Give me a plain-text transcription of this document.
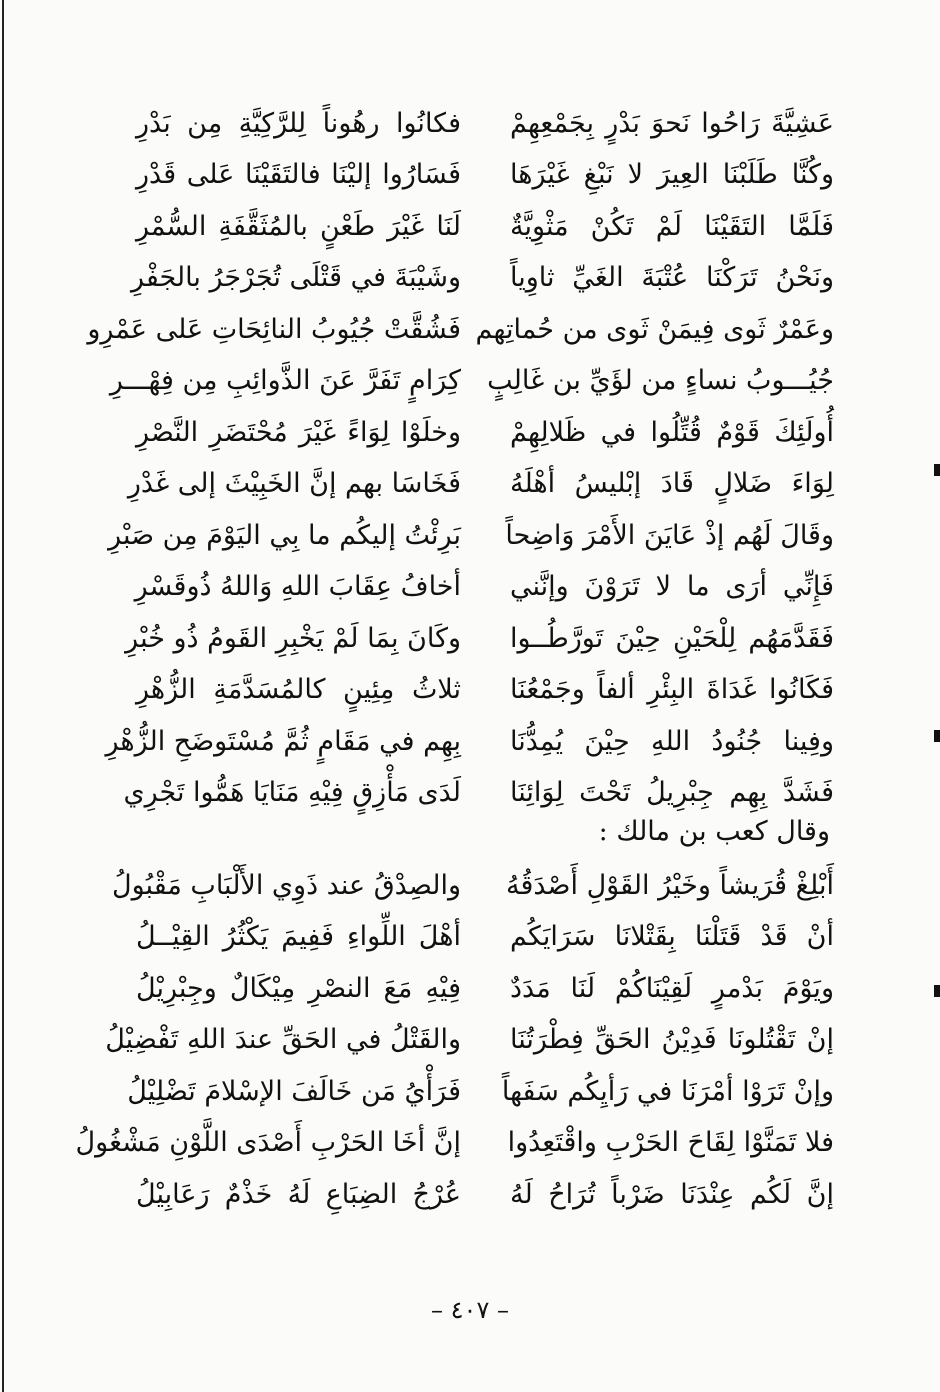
عَشِيَّةَ رَاحُوا نَحوَ بَدْرٍ بِجَمْعِهِمْ
فكانُوا رهُوناً لِلرَّكِيَّةِ مِن بَدْرِ
وكُنَّا طَلَبْنَا العِيرَ لا نَبْغِ غَيْرَهَا
فَسَارُوا إليْنَا فالتَقَيْنَا عَلى قَدْرِ
فَلَمَّا التَقَيْنَا لَمْ تَكُنْ مَثْوِيَّةٌ
لَنَا غَيْرَ طَعْنٍ بالمُثَقَّفَةِ السُّمْرِ
ونَحْنُ تَرَكْنَا عُتْبَةَ الغَيِّ ثاوِياً
وشَيْبَةَ في قَتْلَى تُجَرْجَرُ بالجَفْرِ
وعَمْرٌ ثَوى فِيمَنْ ثَوى من حُماتِهم
فَشُقَّتْ جُيُوبُ النائِحَاتِ عَلى عَمْرِو
جُيُـــوبُ نساءٍ من لؤَيِّ بن غَالِبٍ
كِرَامٍ تَفَرَّ عَنَ الذَّوائِبِ مِن فِهْـــرِ
أُولَئِكَ قَوْمٌ قُتِّلُوا في ظَلالِهِمْ
وخلَوْا لِوَاءً غَيْرَ مُحْتَضَرِ النَّصْرِ
لِوَاءَ ضَلالٍ قَادَ إبْليسُ أهْلَهُ
فَخَاسَا بهم إنَّ الخَبِيْثَ إلى غَدْرِ
وقَالَ لَهُم إذْ عَايَنَ الأَمْرَ وَاضِحاً
بَرِئْتُ إليكُم ما بِي اليَوْمَ مِن صَبْرِ
فَإِنِّي أرَى ما لا تَرَوْنَ وإنَّني
أخافُ عِقَابَ اللهِ وَاللهُ ذُوقَسْرِ
فَقَدَّمَهُم لِلْحَيْنِ حِيْنَ تَورَّطُــوا
وكَانَ بِمَا لَمْ يَخْبِرِ القَومُ ذُو خُبْرِ
فَكَانُوا غَدَاةَ البِئْرِ ألفاً وجَمْعُنَا
ثلاثُ مِئِينٍ كالمُسَدَّمَةِ الزُّهْرِ
وفِينا جُنُودُ اللهِ حِيْنَ يُمِدُّنَا
بِهِم في مَقَامٍ ثُمَّ مُسْتَوضَحِ الزُّهْرِ
فَشَدَّ بِهِم جِبْرِيلُ تَحْتَ لِوَائِنَا
لَدَى مَأْزِقٍ فِيْهِ مَنَايَا هَمُّوا تَجْرِي
وقال كعب بن مالك :
أَبْلِغْ قُرَيشاً وخَيْرُ القَوْلِ أَصْدَقُهُ
والصِدْقُ عند ذَوِي الأَلْبَابِ مَقْبُولُ
أنْ قَدْ قَتَلْنَا بِقَتْلانَا سَرَايَكُم
أهْلَ اللِّواءِ فَفِيمَ يَكْثُرُ القِيْــلُ
ويَوْمَ بَدْمرٍ لَقِيْنَاكُمْ لَنَا مَدَدٌ
فِيْهِ مَعَ النصْرِ مِيْكَالٌ وجِبْرِيْلُ
إنْ تَقْتُلونَا فَدِيْنُ الحَقِّ فِطْرَتُنَا
والقَتْلُ في الحَقِّ عندَ اللهِ تَفْضِيْلُ
وإنْ تَرَوْا أمْرَنَا في رَأيِكُم سَفَهاً
فَرَأْيُ مَن خَالَفَ الإسْلامَ تَضْلِيْلُ
فلا تَمَنَّوْا لِقَاحَ الحَرْبِ واقْتَعِدُوا
إنَّ أخَا الحَرْبِ أَصْدَى اللَّوْنِ مَشْغُولُ
إنَّ لَكُم عِنْدَنَا ضَرْباً تُرَاحُ لَهُ
عُرْجُ الضِبَاعِ لَهُ خَذْمٌ رَعَابِيْلُ
– ٤٠٧ –
